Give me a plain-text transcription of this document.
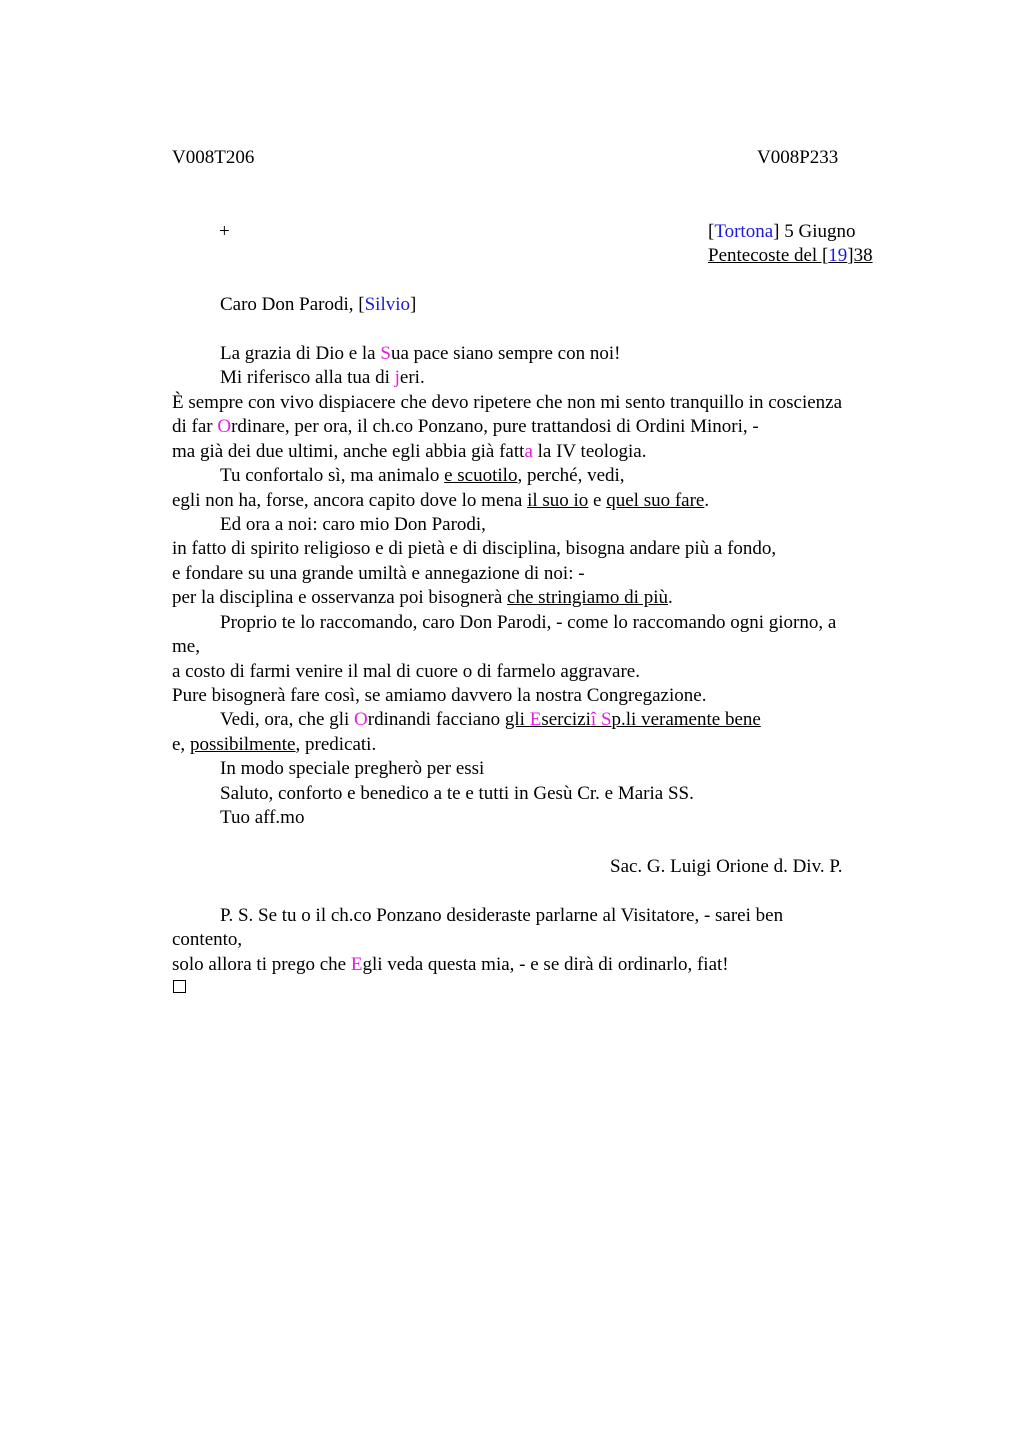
V008T206	V008P233
+	[Tortona] 5 Giugno
Pentecoste del [19]38
Caro Don Parodi, [Silvio]
La grazia di Dio e la Sua pace siano sempre con noi!
Mi riferisco alla tua di jeri.
È sempre con vivo dispiacere che devo ripetere che non mi sento tranquillo in coscienza
di far Ordinare, per ora, il ch.co Ponzano, pure trattandosi di Ordini Minori, -
ma già dei due ultimi, anche egli abbia già fatta la IV teologia.
Tu confortalo sì, ma animalo e scuotilo, perché, vedi,
egli non ha, forse, ancora capito dove lo mena il suo io e quel suo fare.
Ed ora a noi: caro mio Don Parodi,
in fatto di spirito religioso e di pietà e di disciplina, bisogna andare più a fondo,
e fondare su una grande umiltà e annegazione di noi: -
per la disciplina e osservanza poi bisognerà che stringiamo di più.
Proprio te lo raccomando, caro Don Parodi, - come lo raccomando ogni giorno, a
me,
a costo di farmi venire il mal di cuore o di farmelo aggravare.
Pure bisognerà fare così, se amiamo davvero la nostra Congregazione.
Vedi, ora, che gli Ordinandi facciano gli Eserciziî Sp.li veramente bene
e, possibilmente, predicati.
In modo speciale pregherò per essi
Saluto, conforto e benedico a te e tutti in Gesù Cr. e Maria SS.
Tuo aff.mo
Sac. G. Luigi Orione d. Div. P.
P. S. Se tu o il ch.co Ponzano desideraste parlarne al Visitatore, - sarei ben
contento,
solo allora ti prego che Egli veda questa mia, - e se dirà di ordinarlo, fiat!
